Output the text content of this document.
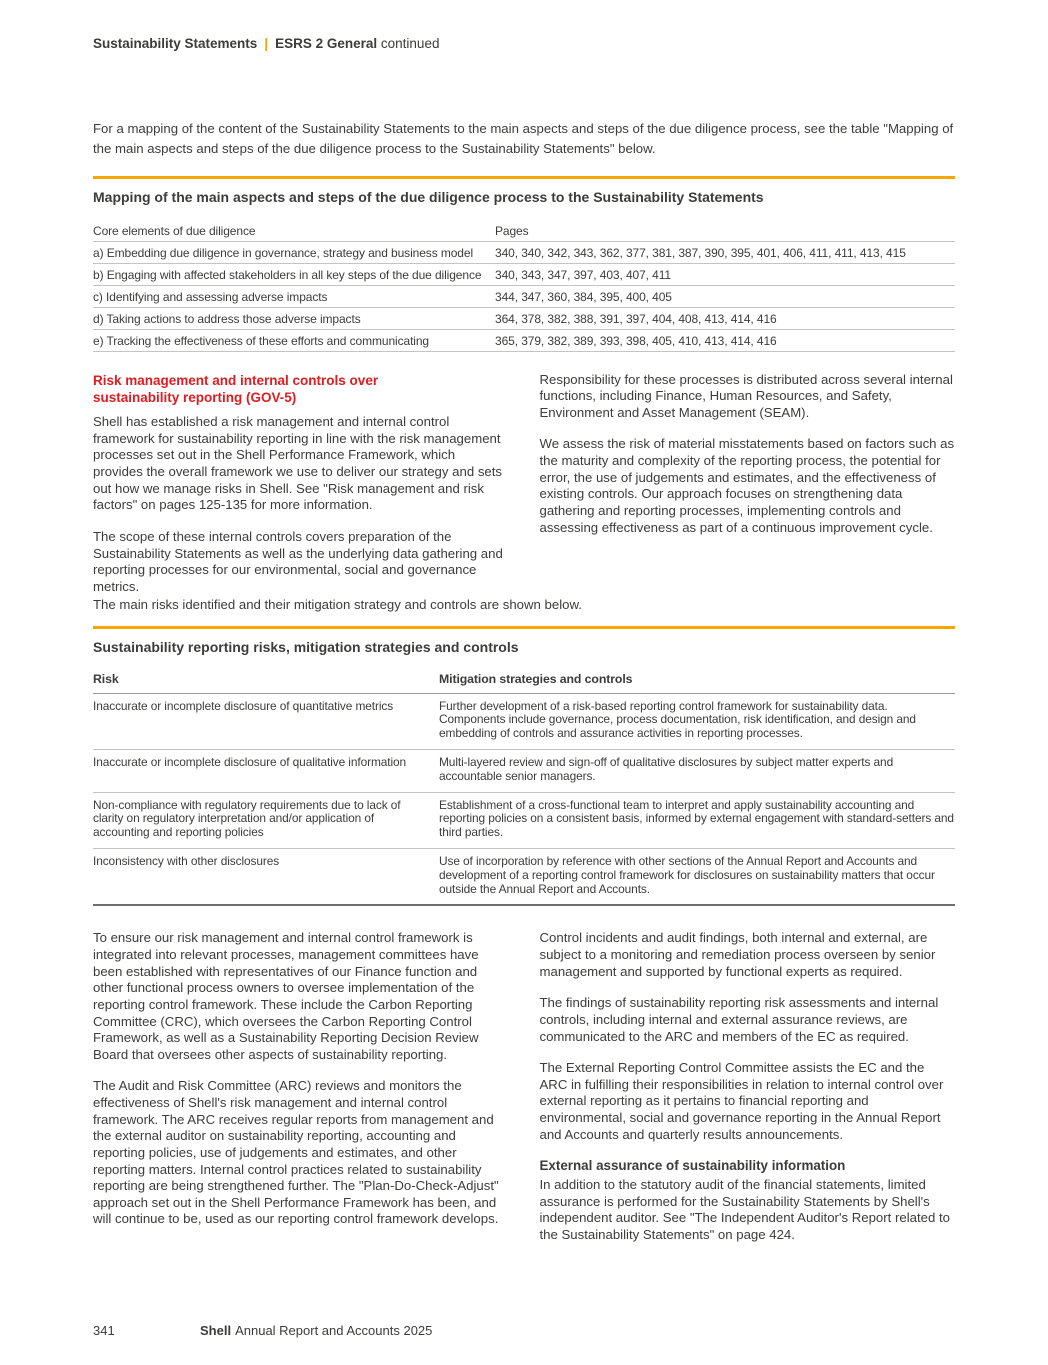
Sustainability Statements | ESRS 2 General continued

For a mapping of the content of the Sustainability Statements to the main aspects and steps of the due diligence process, see the table "Mapping of the main aspects and steps of the due diligence process to the Sustainability Statements" below.

Mapping of the main aspects and steps of the due diligence process to the Sustainability Statements
Core elements of due diligence	Pages
a) Embedding due diligence in governance, strategy and business model	340, 340, 342, 343, 362, 377, 381, 387, 390, 395, 401, 406, 411, 411, 413, 415
b) Engaging with affected stakeholders in all key steps of the due diligence	340, 343, 347, 397, 403, 407, 411
c) Identifying and assessing adverse impacts	344, 347, 360, 384, 395, 400, 405
d) Taking actions to address those adverse impacts	364, 378, 382, 388, 391, 397, 404, 408, 413, 414, 416
e) Tracking the effectiveness of these efforts and communicating	365, 379, 382, 389, 393, 398, 405, 410, 413, 414, 416
Risk management and internal controls over sustainability reporting (GOV-5)

Shell has established a risk management and internal control framework for sustainability reporting in line with the risk management processes set out in the Shell Performance Framework, which provides the overall framework we use to deliver our strategy and sets out how we manage risks in Shell. See "Risk management and risk factors" on pages 125-135 for more information.

The scope of these internal controls covers preparation of the Sustainability Statements as well as the underlying data gathering and reporting processes for our environmental, social and governance metrics.

Responsibility for these processes is distributed across several internal functions, including Finance, Human Resources, and Safety, Environment and Asset Management (SEAM).

We assess the risk of material misstatements based on factors such as the maturity and complexity of the reporting process, the potential for error, the use of judgements and estimates, and the effectiveness of existing controls. Our approach focuses on strengthening data gathering and reporting processes, implementing controls and assessing effectiveness as part of a continuous improvement cycle.

The main risks identified and their mitigation strategy and controls are shown below.

Sustainability reporting risks, mitigation strategies and controls
Risk	Mitigation strategies and controls
Inaccurate or incomplete disclosure of quantitative metrics	Further development of a risk-based reporting control framework for sustainability data. Components include governance, process documentation, risk identification, and design and embedding of controls and assurance activities in reporting processes.
Inaccurate or incomplete disclosure of qualitative information	Multi-layered review and sign-off of qualitative disclosures by subject matter experts and accountable senior managers.
Non-compliance with regulatory requirements due to lack of clarity on regulatory interpretation and/or application of accounting and reporting policies	Establishment of a cross-functional team to interpret and apply sustainability accounting and reporting policies on a consistent basis, informed by external engagement with standard-setters and third parties.
Inconsistency with other disclosures	Use of incorporation by reference with other sections of the Annual Report and Accounts and development of a reporting control framework for disclosures on sustainability matters that occur outside the Annual Report and Accounts.

To ensure our risk management and internal control framework is integrated into relevant processes, management committees have been established with representatives of our Finance function and other functional process owners to oversee implementation of the reporting control framework. These include the Carbon Reporting Committee (CRC), which oversees the Carbon Reporting Control Framework, as well as a Sustainability Reporting Decision Review Board that oversees other aspects of sustainability reporting.

The Audit and Risk Committee (ARC) reviews and monitors the effectiveness of Shell's risk management and internal control framework. The ARC receives regular reports from management and the external auditor on sustainability reporting, accounting and reporting policies, use of judgements and estimates, and other reporting matters. Internal control practices related to sustainability reporting are being strengthened further. The "Plan-Do-Check-Adjust" approach set out in the Shell Performance Framework has been, and will continue to be, used as our reporting control framework develops.

Control incidents and audit findings, both internal and external, are subject to a monitoring and remediation process overseen by senior management and supported by functional experts as required.

The findings of sustainability reporting risk assessments and internal controls, including internal and external assurance reviews, are communicated to the ARC and members of the EC as required.

The External Reporting Control Committee assists the EC and the ARC in fulfilling their responsibilities in relation to internal control over external reporting as it pertains to financial reporting and environmental, social and governance reporting in the Annual Report and Accounts and quarterly results announcements.

External assurance of sustainability information

In addition to the statutory audit of the financial statements, limited assurance is performed for the Sustainability Statements by Shell's independent auditor. See "The Independent Auditor's Report related to the Sustainability Statements" on page 424.

341	Shell Annual Report and Accounts 2025
